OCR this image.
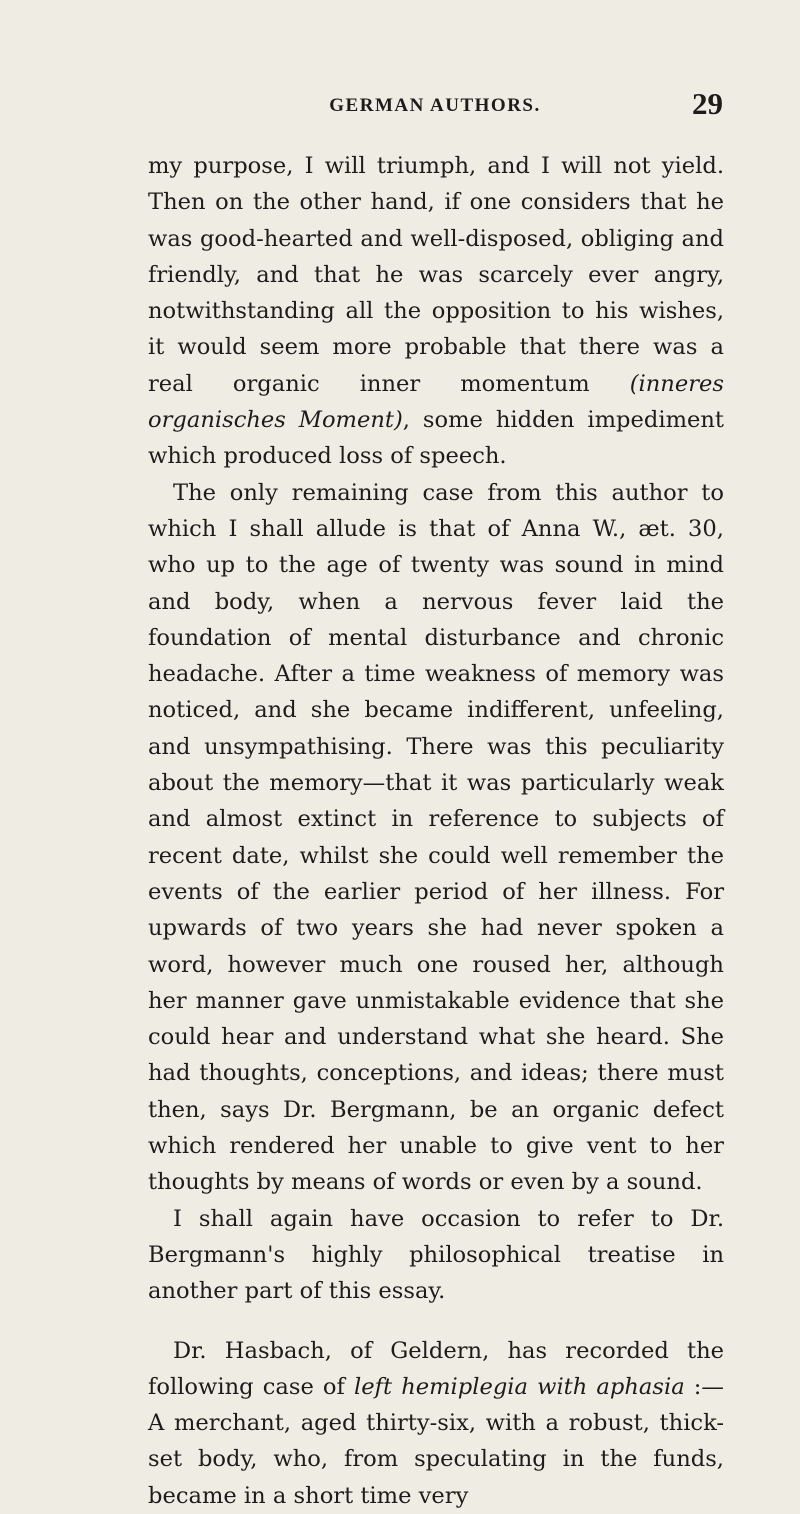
GERMAN AUTHORS.	29

my purpose, I will triumph, and I will not yield. Then on the other hand, if one considers that he was good-hearted and well-disposed, obliging and friendly, and that he was scarcely ever angry, notwithstanding all the opposition to his wishes, it would seem more probable that there was a real organic inner momentum (inneres organisches Moment), some hidden impediment which produced loss of speech.

The only remaining case from this author to which I shall allude is that of Anna W., æt. 30, who up to the age of twenty was sound in mind and body, when a nervous fever laid the foundation of mental disturbance and chronic headache. After a time weakness of memory was noticed, and she became indifferent, unfeeling, and unsympathising. There was this peculiarity about the memory—that it was particularly weak and almost extinct in reference to subjects of recent date, whilst she could well remember the events of the earlier period of her illness. For upwards of two years she had never spoken a word, however much one roused her, although her manner gave unmistakable evidence that she could hear and understand what she heard. She had thoughts, conceptions, and ideas; there must then, says Dr. Bergmann, be an organic defect which rendered her unable to give vent to her thoughts by means of words or even by a sound.

I shall again have occasion to refer to Dr. Bergmann's highly philosophical treatise in another part of this essay.

Dr. Hasbach, of Geldern, has recorded the following case of left hemiplegia with aphasia :—A merchant, aged thirty-six, with a robust, thick-set body, who, from speculating in the funds, became in a short time very
